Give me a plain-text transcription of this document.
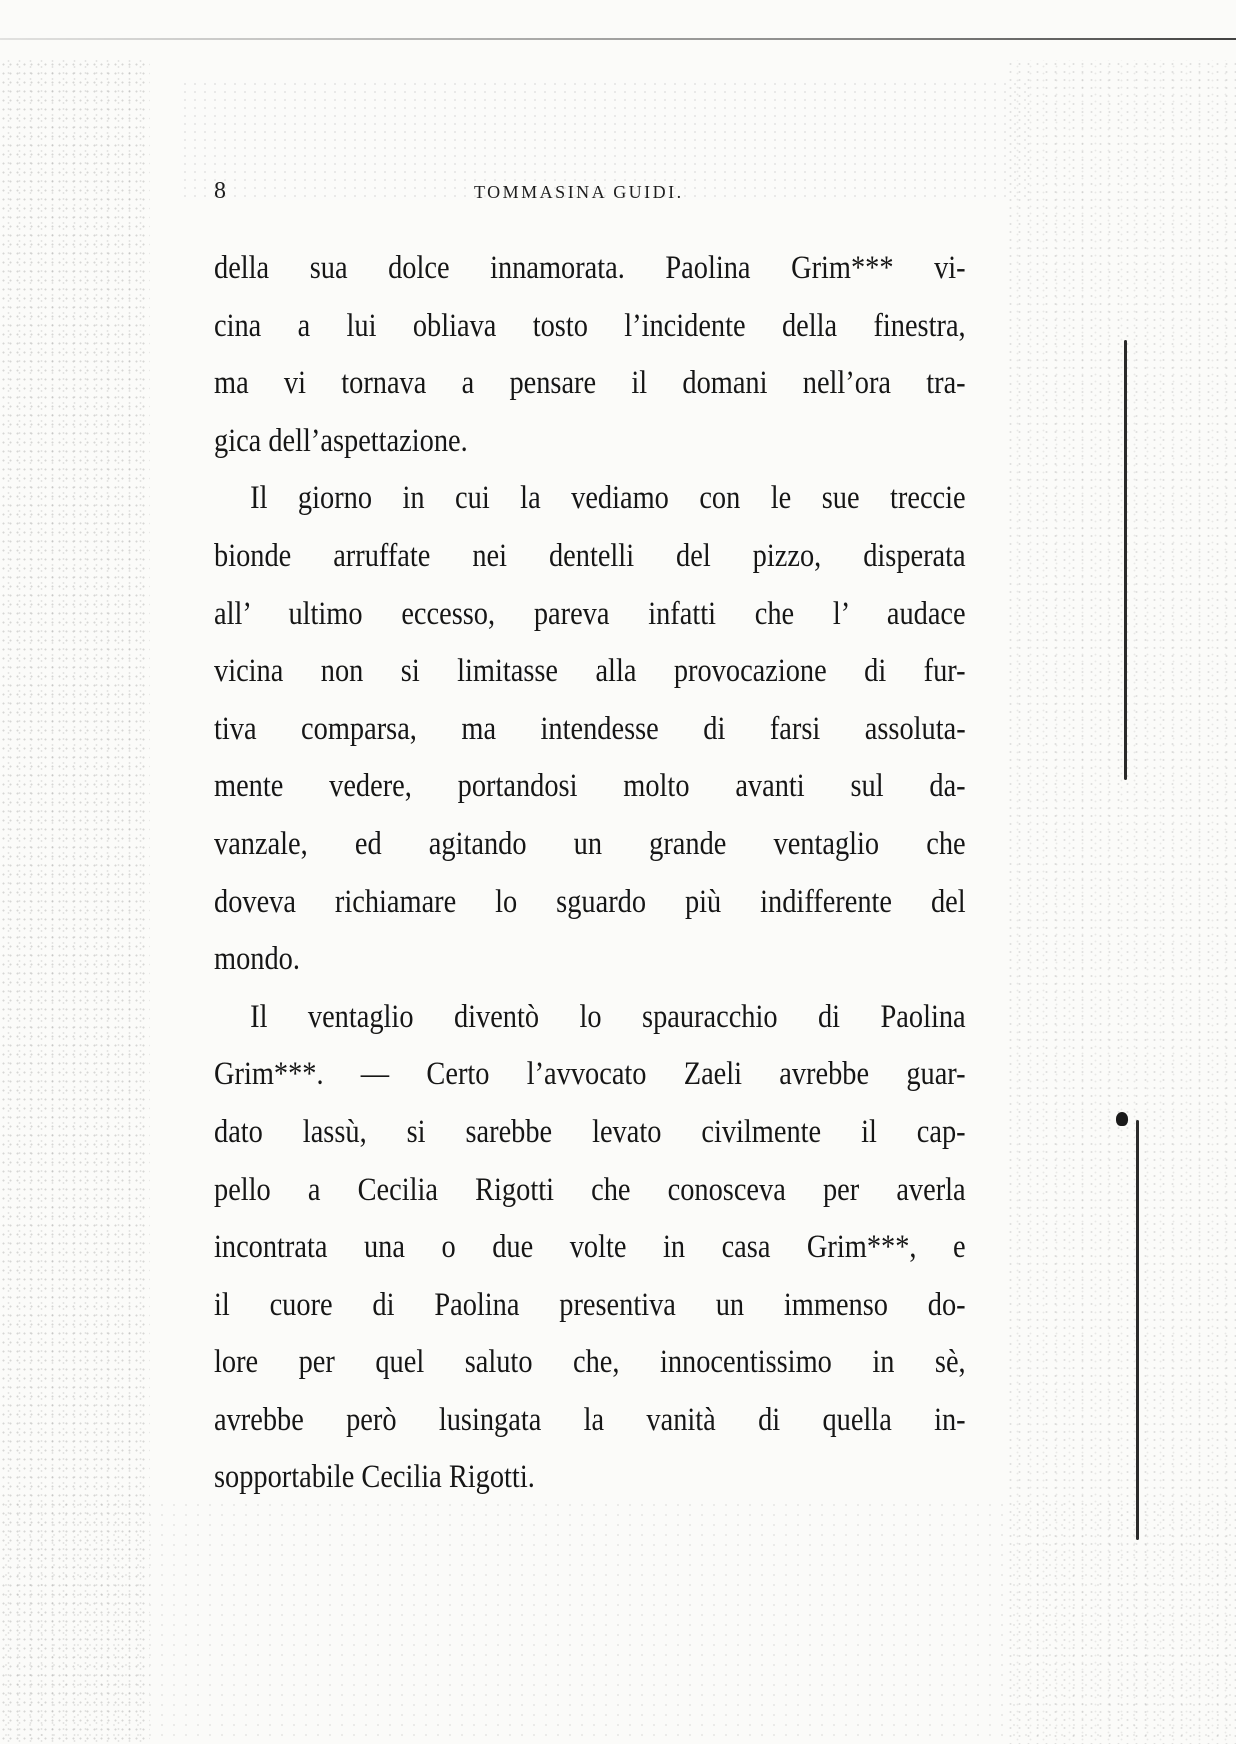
8	TOMMASINA GUIDI.
della sua dolce innamorata. Paolina Grim*** vi-
cina a lui obliava tosto l’incidente della finestra,
ma vi tornava a pensare il domani nell’ora tra-
gica dell’aspettazione.
Il giorno in cui la vediamo con le sue treccie
bionde arruffate nei dentelli del pizzo, disperata
all’ ultimo eccesso, pareva infatti che l’ audace
vicina non si limitasse alla provocazione di fur-
tiva comparsa, ma intendesse di farsi assoluta-
mente vedere, portandosi molto avanti sul da-
vanzale, ed agitando un grande ventaglio che
doveva richiamare lo sguardo più indifferente del
mondo.
Il ventaglio diventò lo spauracchio di Paolina
Grim***. — Certo l’avvocato Zaeli avrebbe guar-
dato lassù, si sarebbe levato civilmente il cap-
pello a Cecilia Rigotti che conosceva per averla
incontrata una o due volte in casa Grim***, e
il cuore di Paolina presentiva un immenso do-
lore per quel saluto che, innocentissimo in sè,
avrebbe però lusingata la vanità di quella in-
sopportabile Cecilia Rigotti.
